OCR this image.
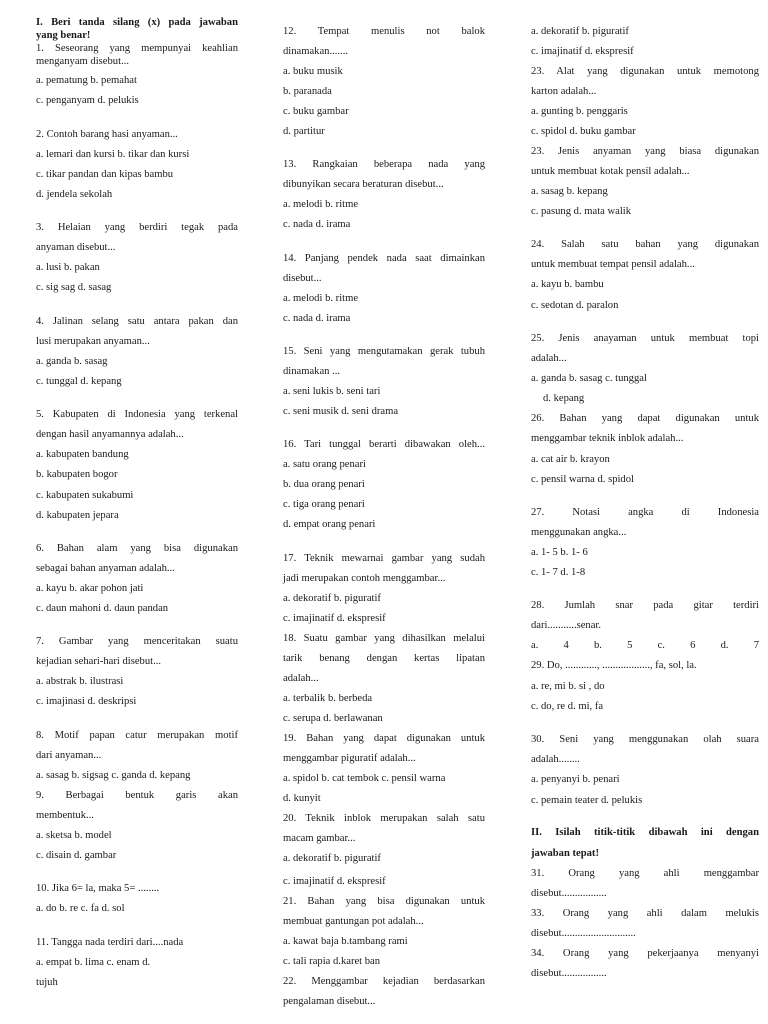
I. Beri tanda silang (x) pada jawaban
yang benar!
1. Seseorang yang mempunyai keahlian
menganyam disebut...
a. pematung b. pemahat
c. penganyam d. pelukis
2. Contoh barang hasi anyaman...
a. lemari dan kursi b. tikar dan kursi
c. tikar pandan dan kipas bambu
d. jendela sekolah
3. Helaian yang berdiri tegak pada
anyaman disebut...
a. lusi b. pakan
c. sig sag d. sasag
4. Jalinan selang satu antara pakan dan
lusi merupakan anyaman...
a. ganda b. sasag
c. tunggal d. kepang
5. Kabupaten di Indonesia yang terkenal
dengan hasil anyamannya adalah...
a. kabupaten bandung
b. kabupaten bogor
c. kabupaten sukabumi
d. kabupaten jepara
6. Bahan alam yang bisa digunakan
sebagai bahan anyaman adalah...
a. kayu b. akar pohon jati
c. daun mahoni d. daun pandan
7. Gambar yang menceritakan suatu
kejadian sehari-hari disebut...
a. abstrak b. ilustrasi
c. imajinasi d. deskripsi
8. Motif papan catur merupakan motif
dari anyaman...
a. sasag b. sigsag c. ganda d. kepang
9. Berbagai bentuk garis akan
membentuk...
a. sketsa b. model
c. disain d. gambar
10. Jika 6= la, maka 5= ........
a. do b. re c. fa d. sol
11. Tangga nada terdiri dari....nada
a. empat b. lima c. enam d.
tujuh
12. Tempat menulis not balok
dinamakan.......
a. buku musik
b. paranada
c. buku gambar
d. partitur
13. Rangkaian beberapa nada yang
dibunyikan secara beraturan disebut...
a. melodi b. ritme
c. nada d. irama
14. Panjang pendek nada saat dimainkan
disebut...
a. melodi b. ritme
c. nada d. irama
15. Seni yang mengutamakan gerak tubuh
dinamakan ...
a. seni lukis b. seni tari
c. seni musik d. seni drama
16. Tari tunggal berarti dibawakan oleh...
a. satu orang penari
b. dua orang penari
c. tiga orang penari
d. empat orang penari
17. Teknik mewarnai gambar yang sudah
jadi merupakan contoh menggambar...
a. dekoratif b. piguratif
c. imajinatif d. ekspresif
18. Suatu gambar yang dihasilkan melalui
tarik benang dengan kertas lipatan
adalah...
a. terbalik b. berbeda
c. serupa d. berlawanan
19. Bahan yang dapat digunakan untuk
menggambar piguratif adalah...
a. spidol b. cat tembok c. pensil warna
d. kunyit
20. Teknik inblok merupakan salah satu
macam gambar...
a. dekoratif b. piguratif
c. imajinatif d. ekspresif
21. Bahan yang bisa digunakan untuk
membuat gantungan pot adalah...
a. kawat baja b.tambang rami
c. tali rapia d.karet ban
22. Menggambar kejadian berdasarkan
pengalaman disebut...
a. dekoratif b. piguratif
c. imajinatif d. ekspresif
23. Alat yang digunakan untuk memotong
karton adalah...
a. gunting b. penggaris
c. spidol d. buku gambar
23. Jenis anyaman yang biasa digunakan
untuk membuat kotak pensil adalah...
a. sasag b. kepang
c. pasung d. mata walik
24. Salah satu bahan yang digunakan
untuk membuat tempat pensil adalah...
a. kayu b. bambu
c. sedotan d. paralon
25. Jenis anayaman untuk membuat topi
adalah...
a. ganda b. sasag c. tunggal
d. kepang
26. Bahan yang dapat digunakan untuk
menggambar teknik inblok adalah...
a. cat air b. krayon
c. pensil warna d. spidol
27. Notasi angka di Indonesia
menggunakan angka...
a. 1- 5 b. 1- 6
c. 1- 7 d. 1-8
28. Jumlah snar pada gitar terdiri
dari...........senar.
a. 4 b. 5 c. 6 d. 7
29. Do, ............, .................., fa, sol, la.
a. re, mi b. si , do
c. do, re d. mi, fa
30. Seni yang menggunakan olah suara
adalah........
a. penyanyi b. penari
c. pemain teater d. pelukis
II. Isilah titik-titik dibawah ini dengan
jawaban tepat!
31. Orang yang ahli menggambar
disebut.................
33. Orang yang ahli dalam melukis
disebut............................
34. Orang yang pekerjaanya menyanyi
disebut.................
